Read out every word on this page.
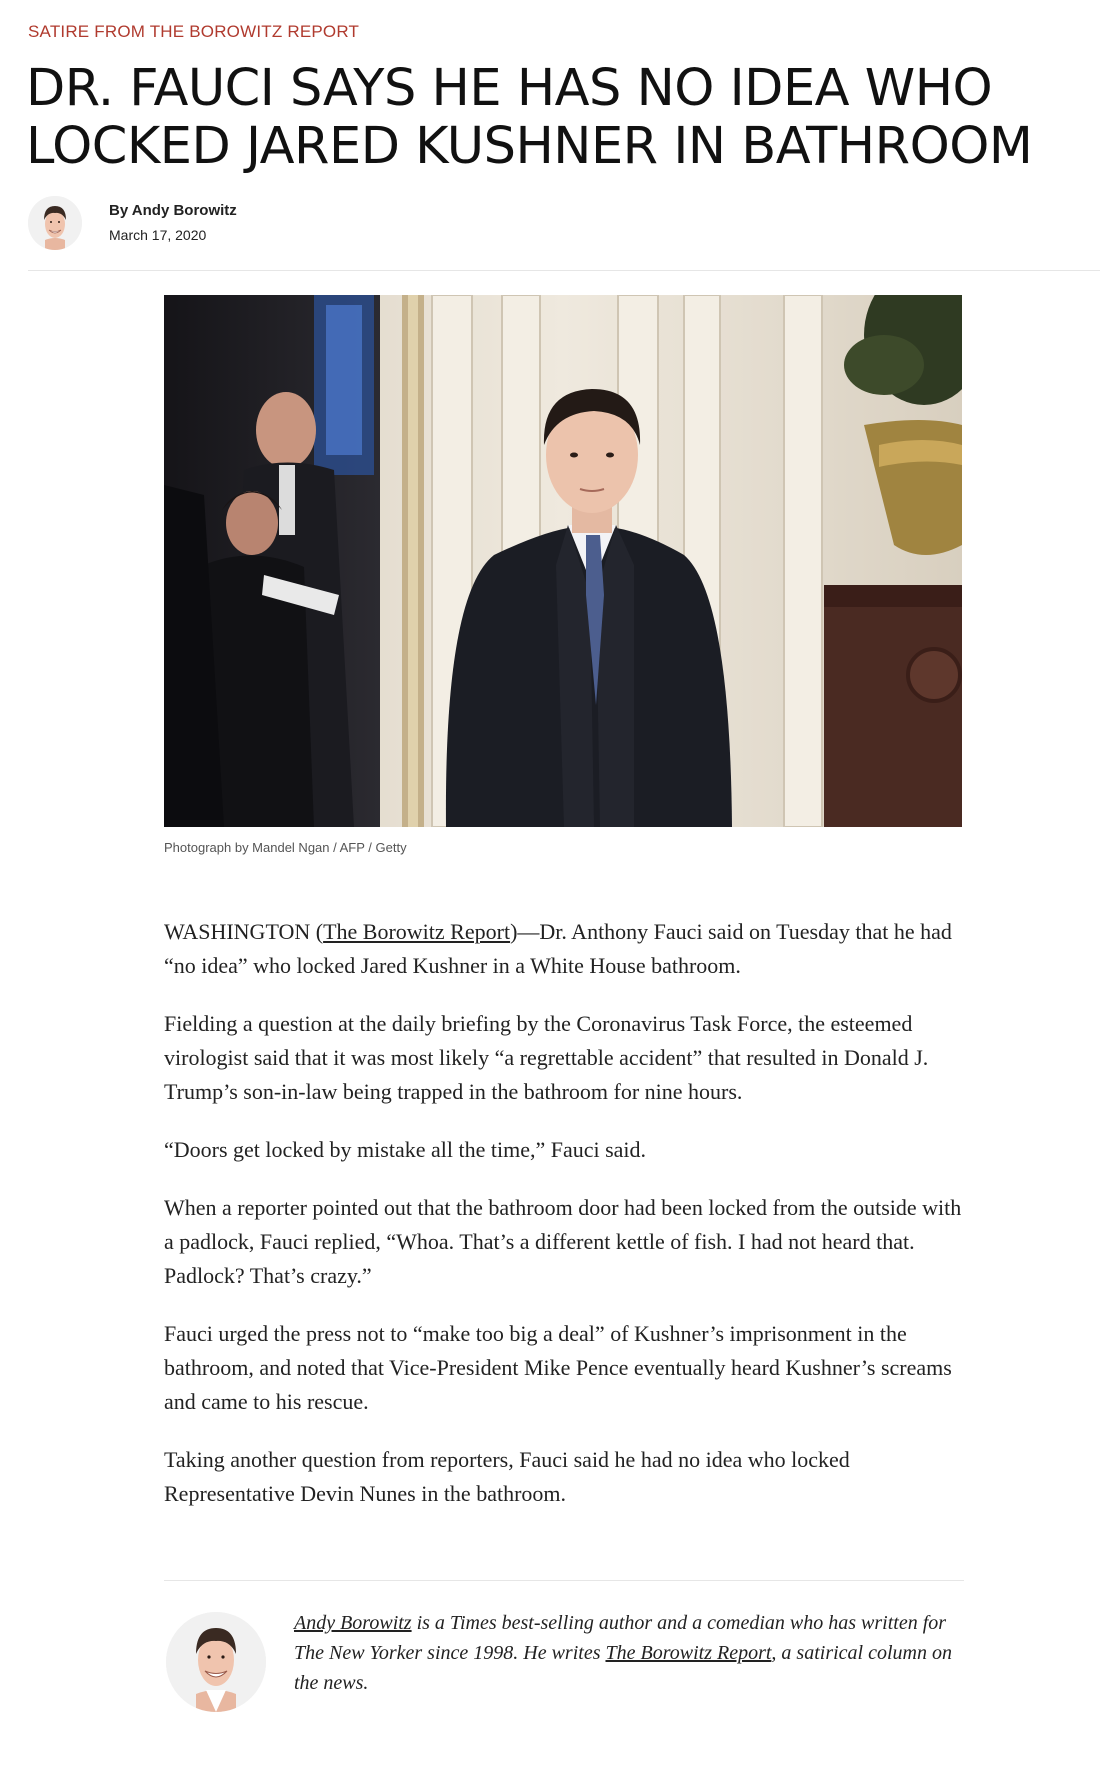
SATIRE FROM THE BOROWITZ REPORT
DR. FAUCI SAYS HE HAS NO IDEA WHO LOCKED JARED KUSHNER IN BATHROOM
By Andy Borowitz
March 17, 2020
Photograph by Mandel Ngan / AFP / Getty

WASHINGTON (The Borowitz Report)—Dr. Anthony Fauci said on Tuesday that he had “no idea” who locked Jared Kushner in a White House bathroom.

Fielding a question at the daily briefing by the Coronavirus Task Force, the esteemed virologist said that it was most likely “a regrettable accident” that resulted in Donald J. Trump’s son-in-law being trapped in the bathroom for nine hours.

“Doors get locked by mistake all the time,” Fauci said.

When a reporter pointed out that the bathroom door had been locked from the outside with a padlock, Fauci replied, “Whoa. That’s a different kettle of fish. I had not heard that. Padlock? That’s crazy.”

Fauci urged the press not to “make too big a deal” of Kushner’s imprisonment in the bathroom, and noted that Vice-President Mike Pence eventually heard Kushner’s screams and came to his rescue.

Taking another question from reporters, Fauci said he had no idea who locked Representative Devin Nunes in the bathroom.

Andy Borowitz is a Times best-selling author and a comedian who has written for The New Yorker since 1998. He writes The Borowitz Report, a satirical column on the news.
